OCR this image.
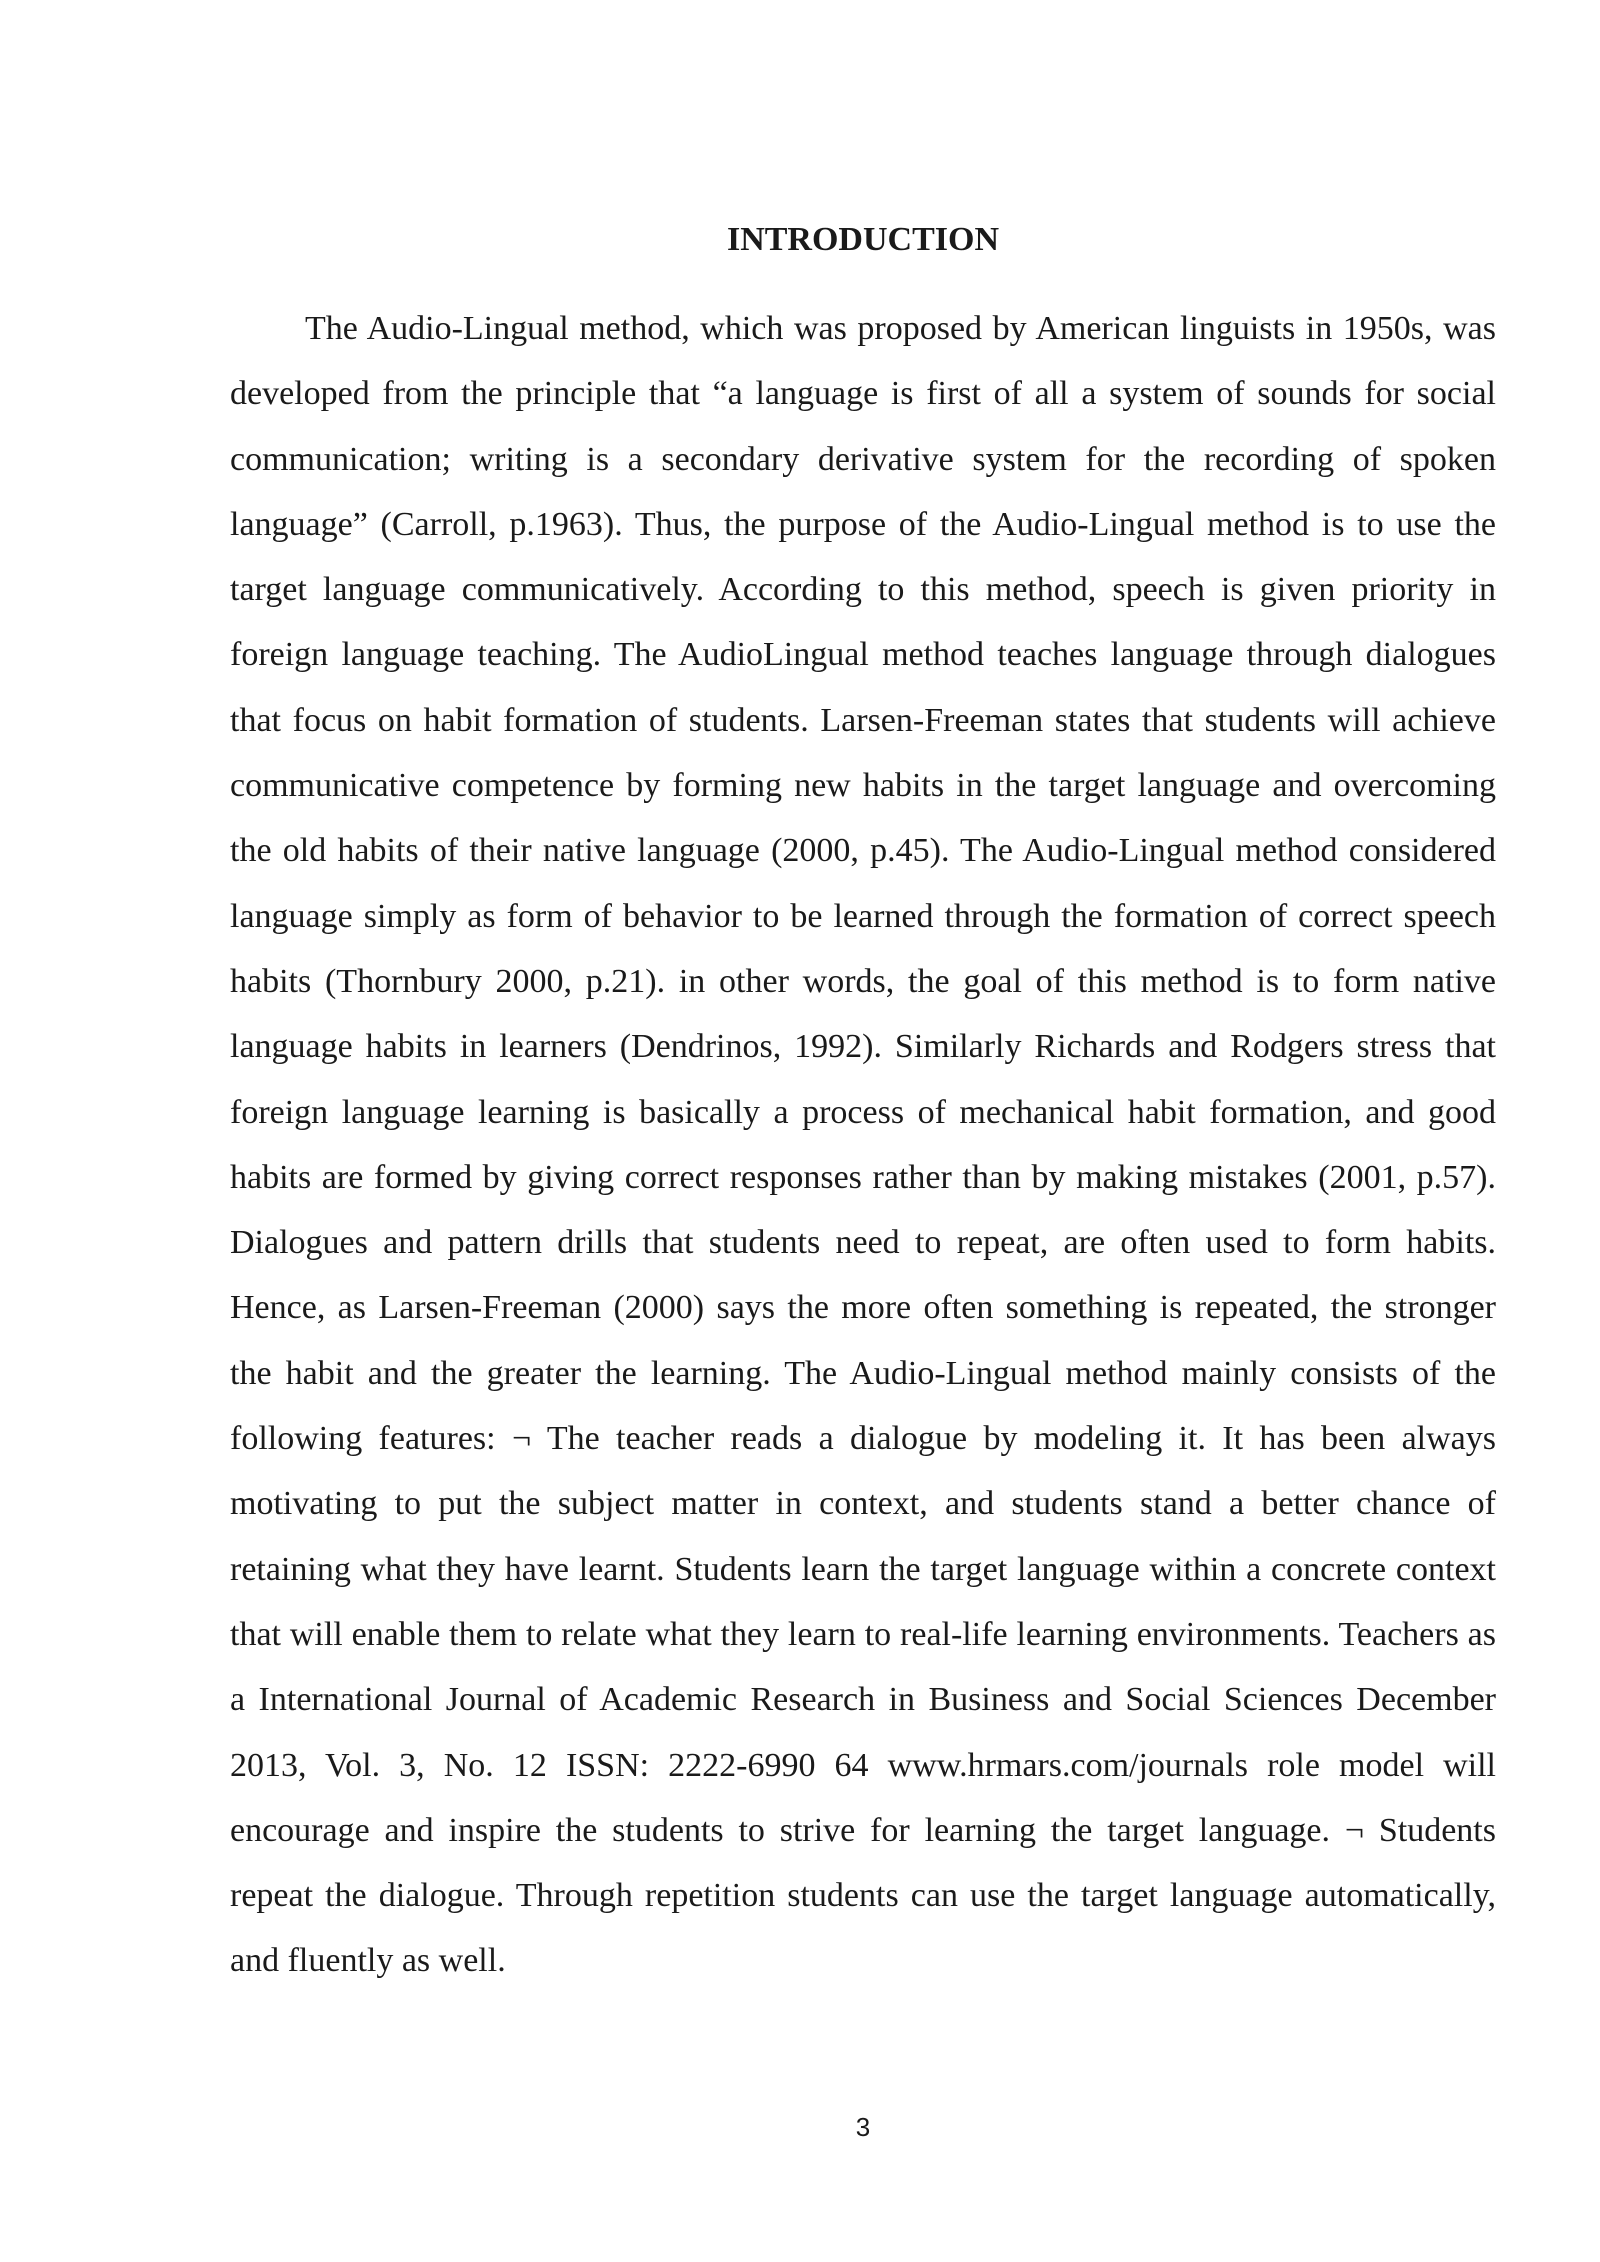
INTRODUCTION

The Audio-Lingual method, which was proposed by American linguists in 1950s, was developed from the principle that “a language is first of all a system of sounds for social communication; writing is a secondary derivative system for the recording of spoken language” (Carroll, p.1963). Thus, the purpose of the Audio-Lingual method is to use the target language communicatively. According to this method, speech is given priority in foreign language teaching. The AudioLingual method teaches language through dialogues that focus on habit formation of students. Larsen-Freeman states that students will achieve communicative competence by forming new habits in the target language and overcoming the old habits of their native language (2000, p.45). The Audio-Lingual method considered language simply as form of behavior to be learned through the formation of correct speech habits (Thornbury 2000, p.21). in other words, the goal of this method is to form native language habits in learners (Dendrinos, 1992). Similarly Richards and Rodgers stress that foreign language learning is basically a process of mechanical habit formation, and good habits are formed by giving correct responses rather than by making mistakes (2001, p.57). Dialogues and pattern drills that students need to repeat, are often used to form habits. Hence, as Larsen-Freeman (2000) says the more often something is repeated, the stronger the habit and the greater the learning. The Audio-Lingual method mainly consists of the following features: ¬ The teacher reads a dialogue by modeling it. It has been always motivating to put the subject matter in context, and students stand a better chance of retaining what they have learnt. Students learn the target language within a concrete context that will enable them to relate what they learn to real-life learning environments. Teachers as a International Journal of Academic Research in Business and Social Sciences December 2013, Vol. 3, No. 12 ISSN: 2222-6990 64 www.hrmars.com/journals role model will encourage and inspire the students to strive for learning the target language. ¬ Students repeat the dialogue. Through repetition students can use the target language automatically, and fluently as well.

3
